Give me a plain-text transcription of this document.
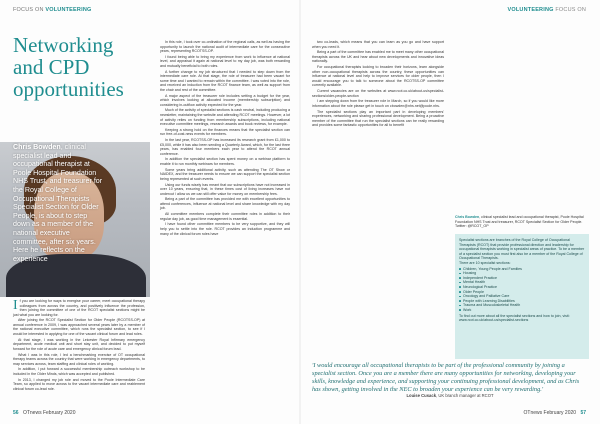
FOCUS ON VOLUNTEERING	VOLUNTEERING FOCUS ON
Networking and CPD opportunities

Chris Bowden, clinical specialist lead and occupational therapist at Poole Hospital Foundation NHS Trust, and treasurer for the Royal College of Occupational Therapists Specialist Section for Older People, is about to step down as a member of the national executive committee, after six years. Here he reflects on the experience

If you are looking for ways to energise your career, meet occupational therapy colleagues from across the country, and positively influence the profession, then joining the committee of one of the RCOT specialist sections might be just what you are looking for.

After joining the RCOT Specialist Section for Older People (RCOTSS-OP) at annual conference in 2009, I was approached several years later by a member of the national executive committee, which runs the specialist section, to see if I would be interested in applying for one of the vacant clinical forum and lead roles.

At that stage, I was working in the Leicester Royal Infirmary emergency department, acute medical unit and short stay unit, and decided to put myself forward for the role of acute care and emergency clinical forum lead.

What I was in this role, I led a benchmarking exercise of OT occupational therapy teams across the country that were working in emergency departments, to map services across, team staffing and clinical roles of working.

In addition, I put forward a successful membership outreach workshop to be included in the Older Minds, which was accepted and published.

In 2013, I changed my job role and moved to the Poole Intermediate Care Team, so applied to move across to the vacant intermediate care and reablement clinical forum co-lead role.

In this role, I took over co-ordination of the regional calls, as well as having the opportunity to launch the national audit of intermediate care for the consecutive years, representing RCOTSS-OP.

I found being able to bring my experience from work to influence at national level, and appraisal it again at national level to my day job, was both rewarding and mutually beneficial to both roles.

A further change to my job structured that I needed to step down from the intermediate care role. At that stage, the role of treasurer had been vacant for some time and I wanted to remain within the committee. I was voted into the role, and received an induction from the RCOT finance team, as well as support from the chair and rest of the committee.

A major aspect of the treasurer role includes setting a budget for the year, which involves looking at allocated income (membership subscription) and considering in-outflow activity expected for the year.

Much of the activity of specialist sections is cash neutral, including producing a newsletter, maintaining the website and attending RCOT meetings. However, a lot of activity relies on funding from membership subscriptions, including national executive committee meetings, research awards and book reviews, for example.

Keeping a strong hold on the finances means that the specialist section can run free-of-cost-ness events for members.

In the last year, RCOTSS-OP has increased its research grant from £1,000 to £5,000, while it has also been sending a Quarterly Award, which, for the last three years, has enabled four members each year to attend the RCOT annual conference.

In addition the specialist section has spent money on a webinar platform to enable it to run monthly webinars for members.

Some years bring additional activity, such as attending The OT Show or NAIDEX, and the treasurer needs to ensure we can support the specialist section being represented at such events.

Using our funds wisely has meant that our subscriptions have not increased in over 10 years, ensuring that, in these times cost of living increases have not undercut / allow us we can still offer value for money on membership fees.

Being a part of the committee has provided me with excellent opportunities to attend conferences, influence at national level and share knowledge with my day job.

All committee members complete their committee roles in addition to their regular day job, as good time management is essential.

I have found other committee members to be very supportive, and they will help you to settle into the role. RCOT provides an induction programme and many of the clinical forum roles have

two co-leads, which means that you can learn as you go and have support when you need it.

Being a part of the committee has enabled me to meet many other occupational therapists across the UK and hear about new developments and innovative ideas nationally.

For occupational therapists looking to broaden their horizons, learn alongside other non-occupational therapists across the country, these opportunities can influence at national level and help to improve services for older people, then I would encourage you to talk to someone about the RCOTSS-OP committee currently available.

Current vacancies are on the websites at www.rcot.co.uk/about-us/specialist-sections/older-people-section

I am stepping down from the treasurer role in March, so if you would like more information about the role please get in touch on cbowden@nhs.net@poole.nhs.

The specialist sections play an important part in developing members' experiences, networking and sharing professional development. Being a proactive member of the committee that run the specialist sections can be really rewarding and provides some fantastic opportunities for all to benefit

Chris Bowden, clinical specialist lead and occupational therapist, Poole Hospital Foundation NHS Trust and treasurer, RCOT Specialist Section for Older People. Twitter: @RCOT_OP
Specialist sections are branches of the Royal College of Occupational Therapists (RCOT) that provide professional direction and leadership for occupational therapists working in specialist areas of practice. To be a member of a specialist section you must first also be a member of the Royal College of Occupational Therapists.
There are 10 specialist sections:
Children, Young People and Families
Housing
Independent Practice
Mental Health
Neurological Practice
Older People
Oncology and Palliative Care
People with Learning Disabilities
Trauma and Musculoskeletal Health
Work
To find out more about all the specialist sections and how to join, visit: www.rcot.co.uk/about-us/specialist-sections

'I would encourage all occupational therapists to be part of the professional community by joining a specialist section. Once you are a member there are many opportunities for networking, developing your skills, knowledge and experience, and supporting your continuing professional development, and as Chris has shown, getting involved in the NEC to broaden your experience can be very rewarding.'

Louise Cusack, UK branch manager at RCOT
56 OTnews February 2020	OTnews February 2020 57
